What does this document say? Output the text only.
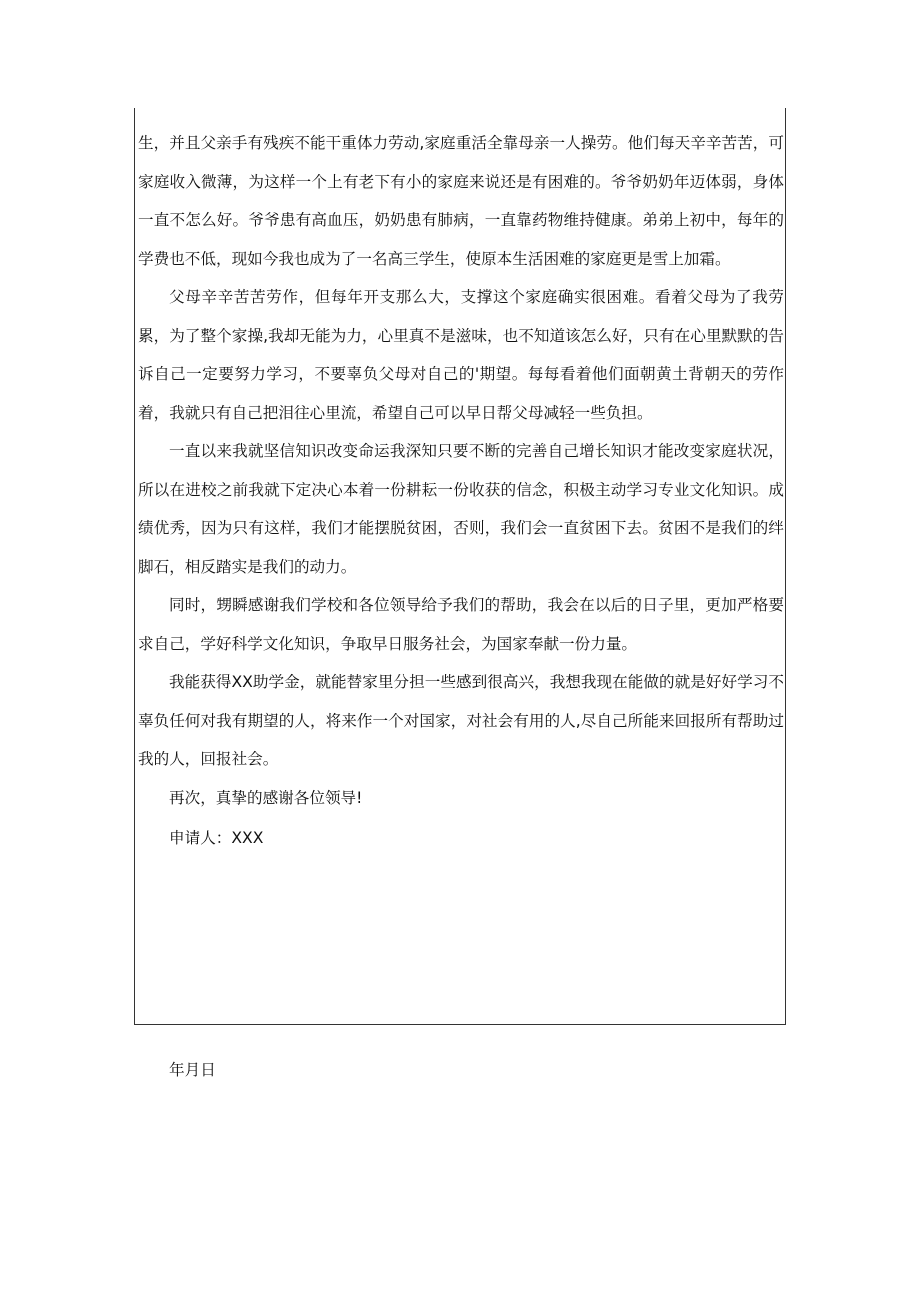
生，并且父亲手有残疾不能干重体力劳动,家庭重活全靠母亲一人操劳。他们每天辛辛苦苦，可家庭收入微薄，为这样一个上有老下有小的家庭来说还是有困难的。爷爷奶奶年迈体弱，身体一直不怎么好。爷爷患有高血压，奶奶患有肺病，一直靠药物维持健康。弟弟上初中，每年的学费也不低，现如今我也成为了一名高三学生，使原本生活困难的家庭更是雪上加霜。

父母辛辛苦苦劳作，但每年开支那么大，支撑这个家庭确实很困难。看着父母为了我劳累，为了整个家操,我却无能为力，心里真不是滋味，也不知道该怎么好，只有在心里默默的告诉自己一定要努力学习，不要辜负父母对自己的'期望。每每看着他们面朝黄土背朝天的劳作着，我就只有自己把泪往心里流，希望自己可以早日帮父母减轻一些负担。

一直以来我就坚信知识改变命运我深知只要不断的完善自己增长知识才能改变家庭状况，所以在进校之前我就下定决心本着一份耕耘一份收获的信念，积极主动学习专业文化知识。成绩优秀，因为只有这样，我们才能摆脱贫困，否则，我们会一直贫困下去。贫困不是我们的绊脚石，相反踏实是我们的动力。

同时，甥瞬感谢我们学校和各位领导给予我们的帮助，我会在以后的日子里，更加严格要求自己，学好科学文化知识，争取早日服务社会，为国家奉献一份力量。

我能获得XX助学金，就能替家里分担一些感到很高兴，我想我现在能做的就是好好学习不辜负任何对我有期望的人，将来作一个对国家，对社会有用的人,尽自己所能来回报所有帮助过我的人，回报社会。

再次，真挚的感谢各位领导!

申请人：XXX

年月日
